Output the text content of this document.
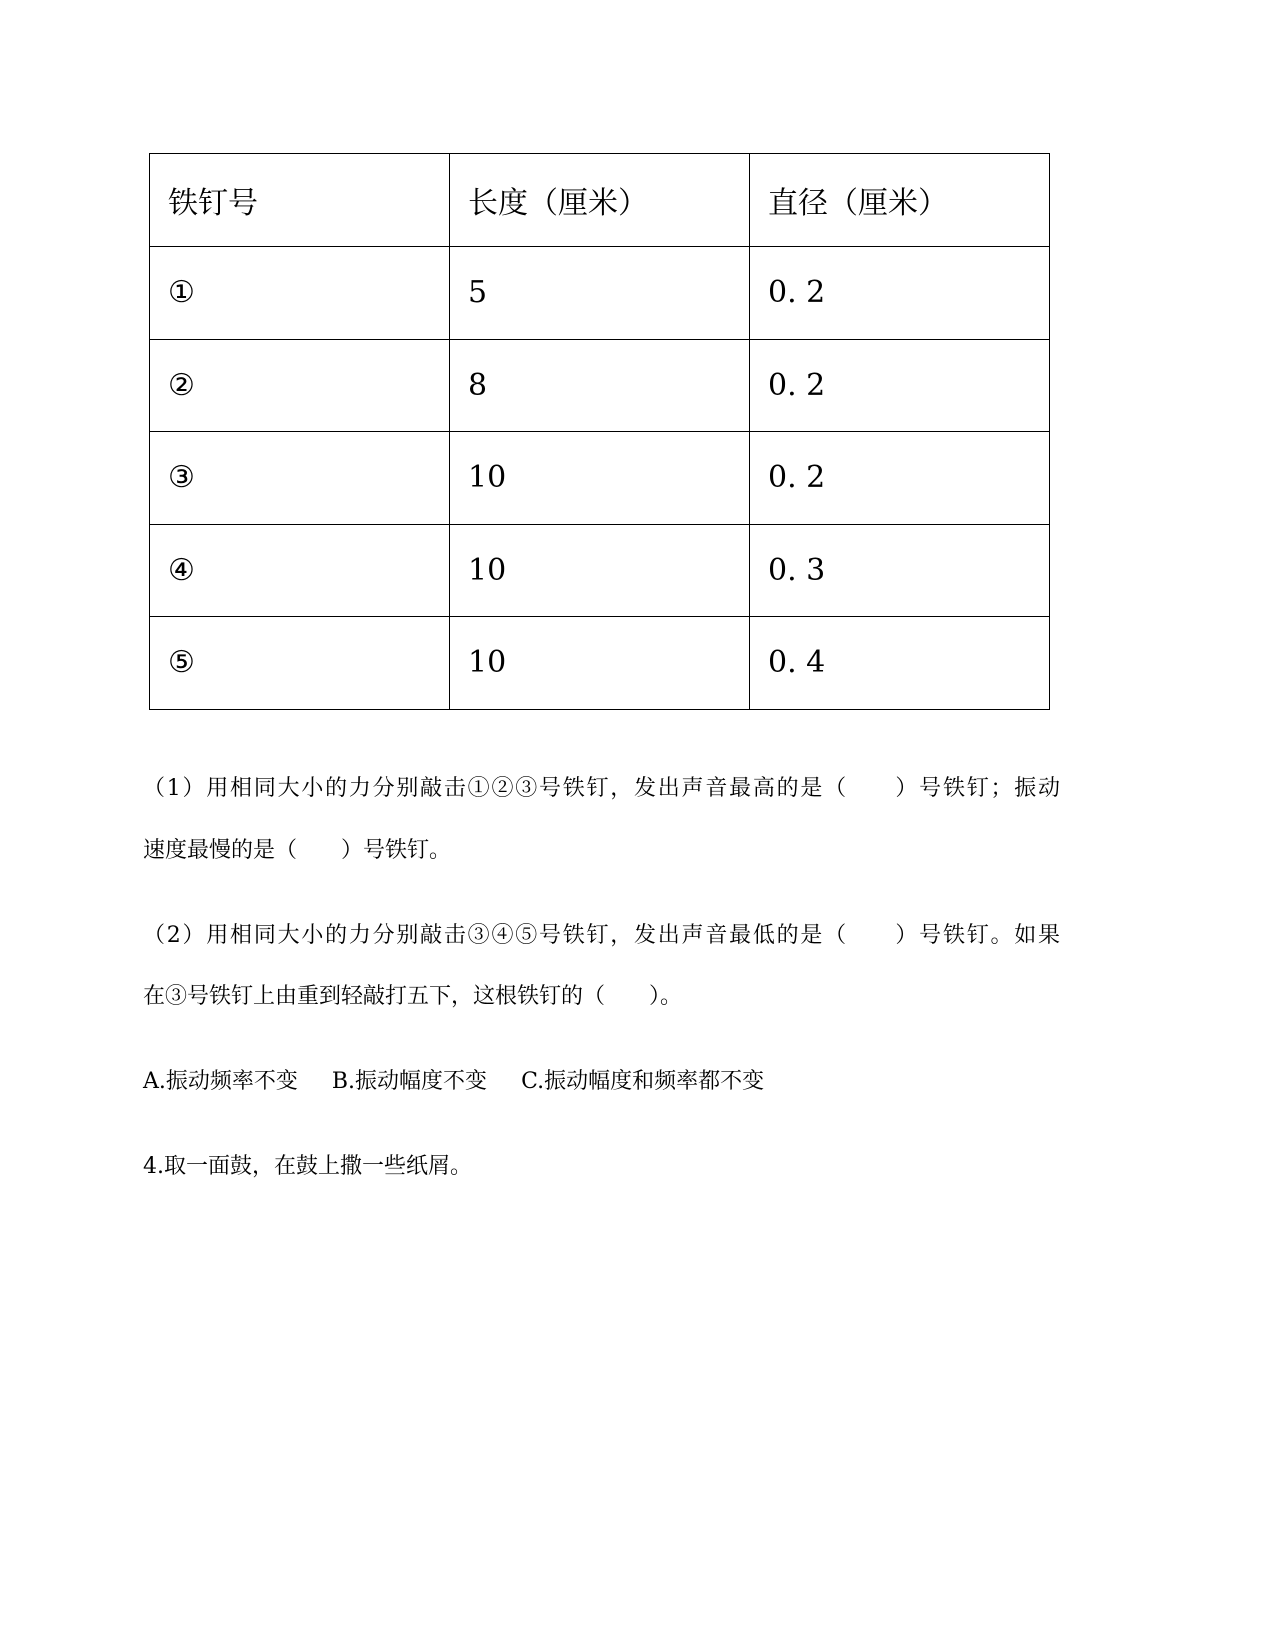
铁钉号	长度（厘米）	直径（厘米）
①	5	0. 2
②	8	0. 2
③	10	0. 2
④	10	0. 3
⑤	10	0. 4
（1）用相同大小的力分别敲击①②③号铁钉，发出声音最高的是（　　）号铁钉；振动
速度最慢的是（　　）号铁钉。
（2）用相同大小的力分别敲击③④⑤号铁钉，发出声音最低的是（　　）号铁钉。如果
在③号铁钉上由重到轻敲打五下，这根铁钉的（　　）。
A.振动频率不变 B.振动幅度不变 C.振动幅度和频率都不变
4.取一面鼓，在鼓上撒一些纸屑。
